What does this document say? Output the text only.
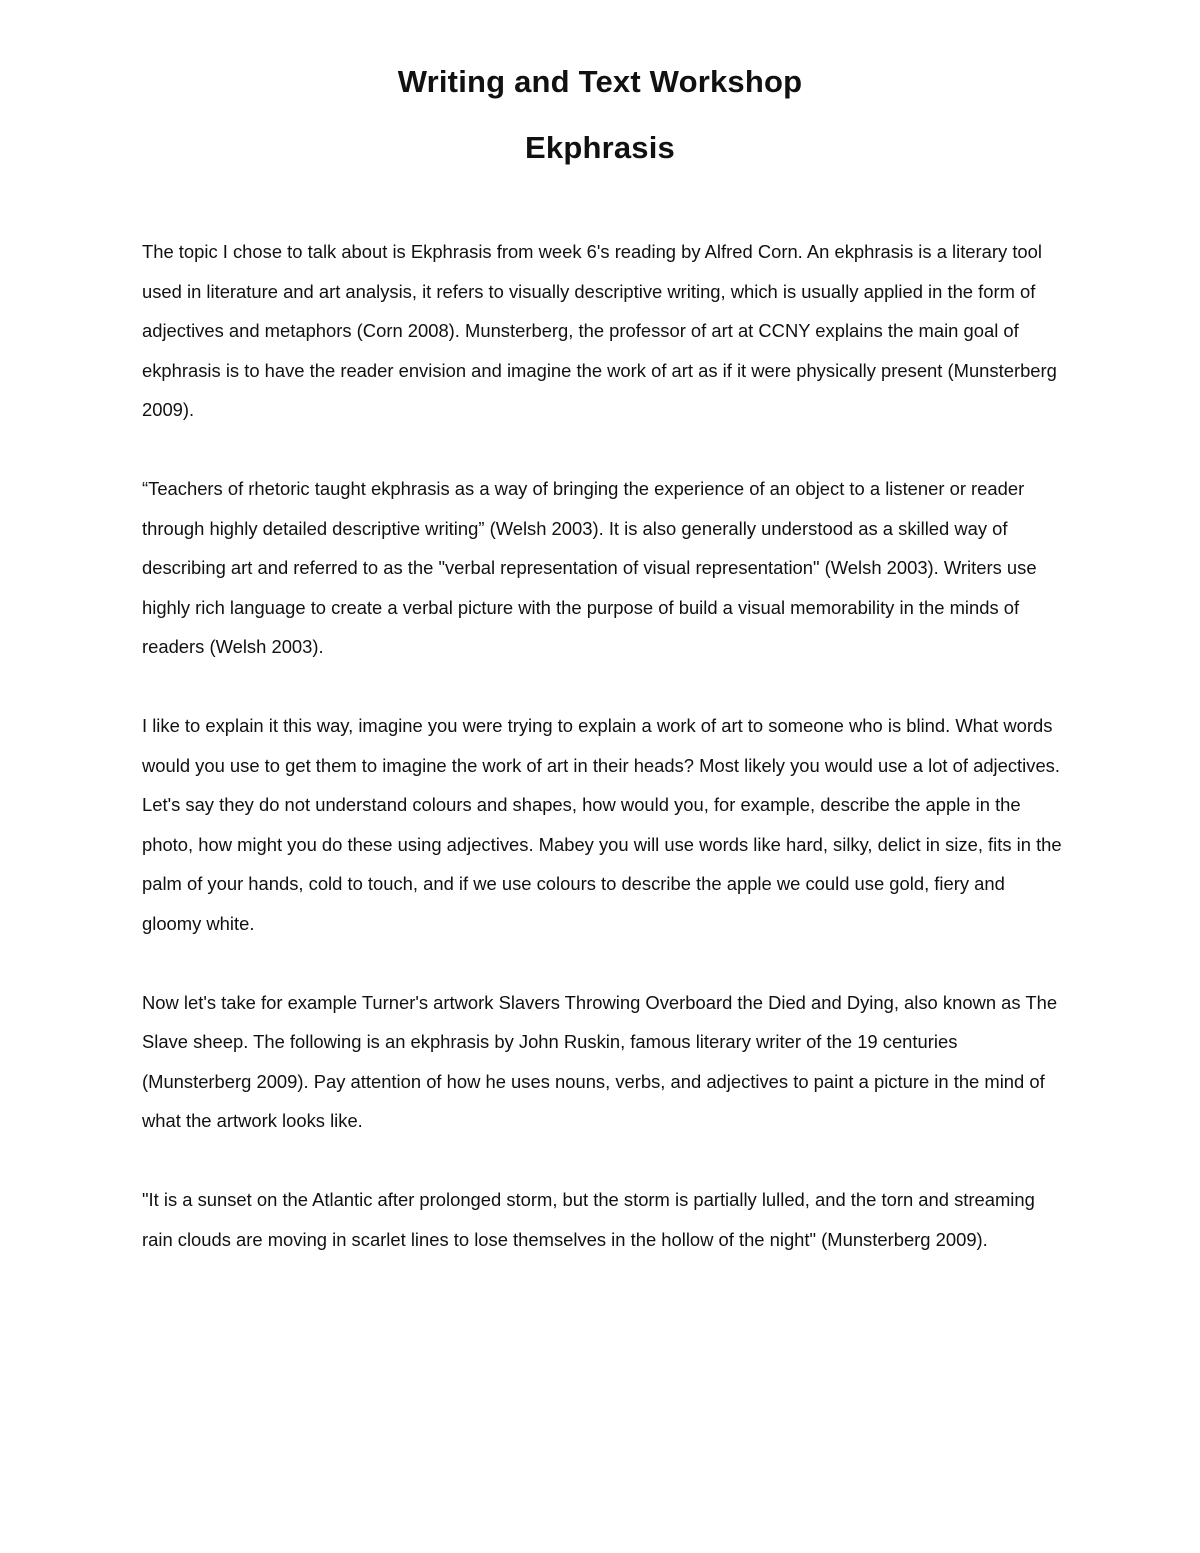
Writing and Text Workshop
Ekphrasis

The topic I chose to talk about is Ekphrasis from week 6's reading by Alfred Corn. An ekphrasis is a literary tool used in literature and art analysis, it refers to visually descriptive writing, which is usually applied in the form of adjectives and metaphors (Corn 2008). Munsterberg, the professor of art at CCNY explains the main goal of ekphrasis is to have the reader envision and imagine the work of art as if it were physically present (Munsterberg 2009).

“Teachers of rhetoric taught ekphrasis as a way of bringing the experience of an object to a listener or reader through highly detailed descriptive writing” (Welsh 2003). It is also generally understood as a skilled way of describing art and referred to as the "verbal representation of visual representation" (Welsh 2003). Writers use highly rich language to create a verbal picture with the purpose of build a visual memorability in the minds of readers (Welsh 2003).

I like to explain it this way, imagine you were trying to explain a work of art to someone who is blind. What words would you use to get them to imagine the work of art in their heads? Most likely you would use a lot of adjectives. Let's say they do not understand colours and shapes, how would you, for example, describe the apple in the photo, how might you do these using adjectives. Mabey you will use words like hard, silky, delict in size, fits in the palm of your hands, cold to touch, and if we use colours to describe the apple we could use gold, fiery and gloomy white.

Now let's take for example Turner's artwork Slavers Throwing Overboard the Died and Dying, also known as The Slave sheep. The following is an ekphrasis by John Ruskin, famous literary writer of the 19 centuries (Munsterberg 2009). Pay attention of how he uses nouns, verbs, and adjectives to paint a picture in the mind of what the artwork looks like.

"It is a sunset on the Atlantic after prolonged storm, but the storm is partially lulled, and the torn and streaming rain clouds are moving in scarlet lines to lose themselves in the hollow of the night" (Munsterberg 2009).
